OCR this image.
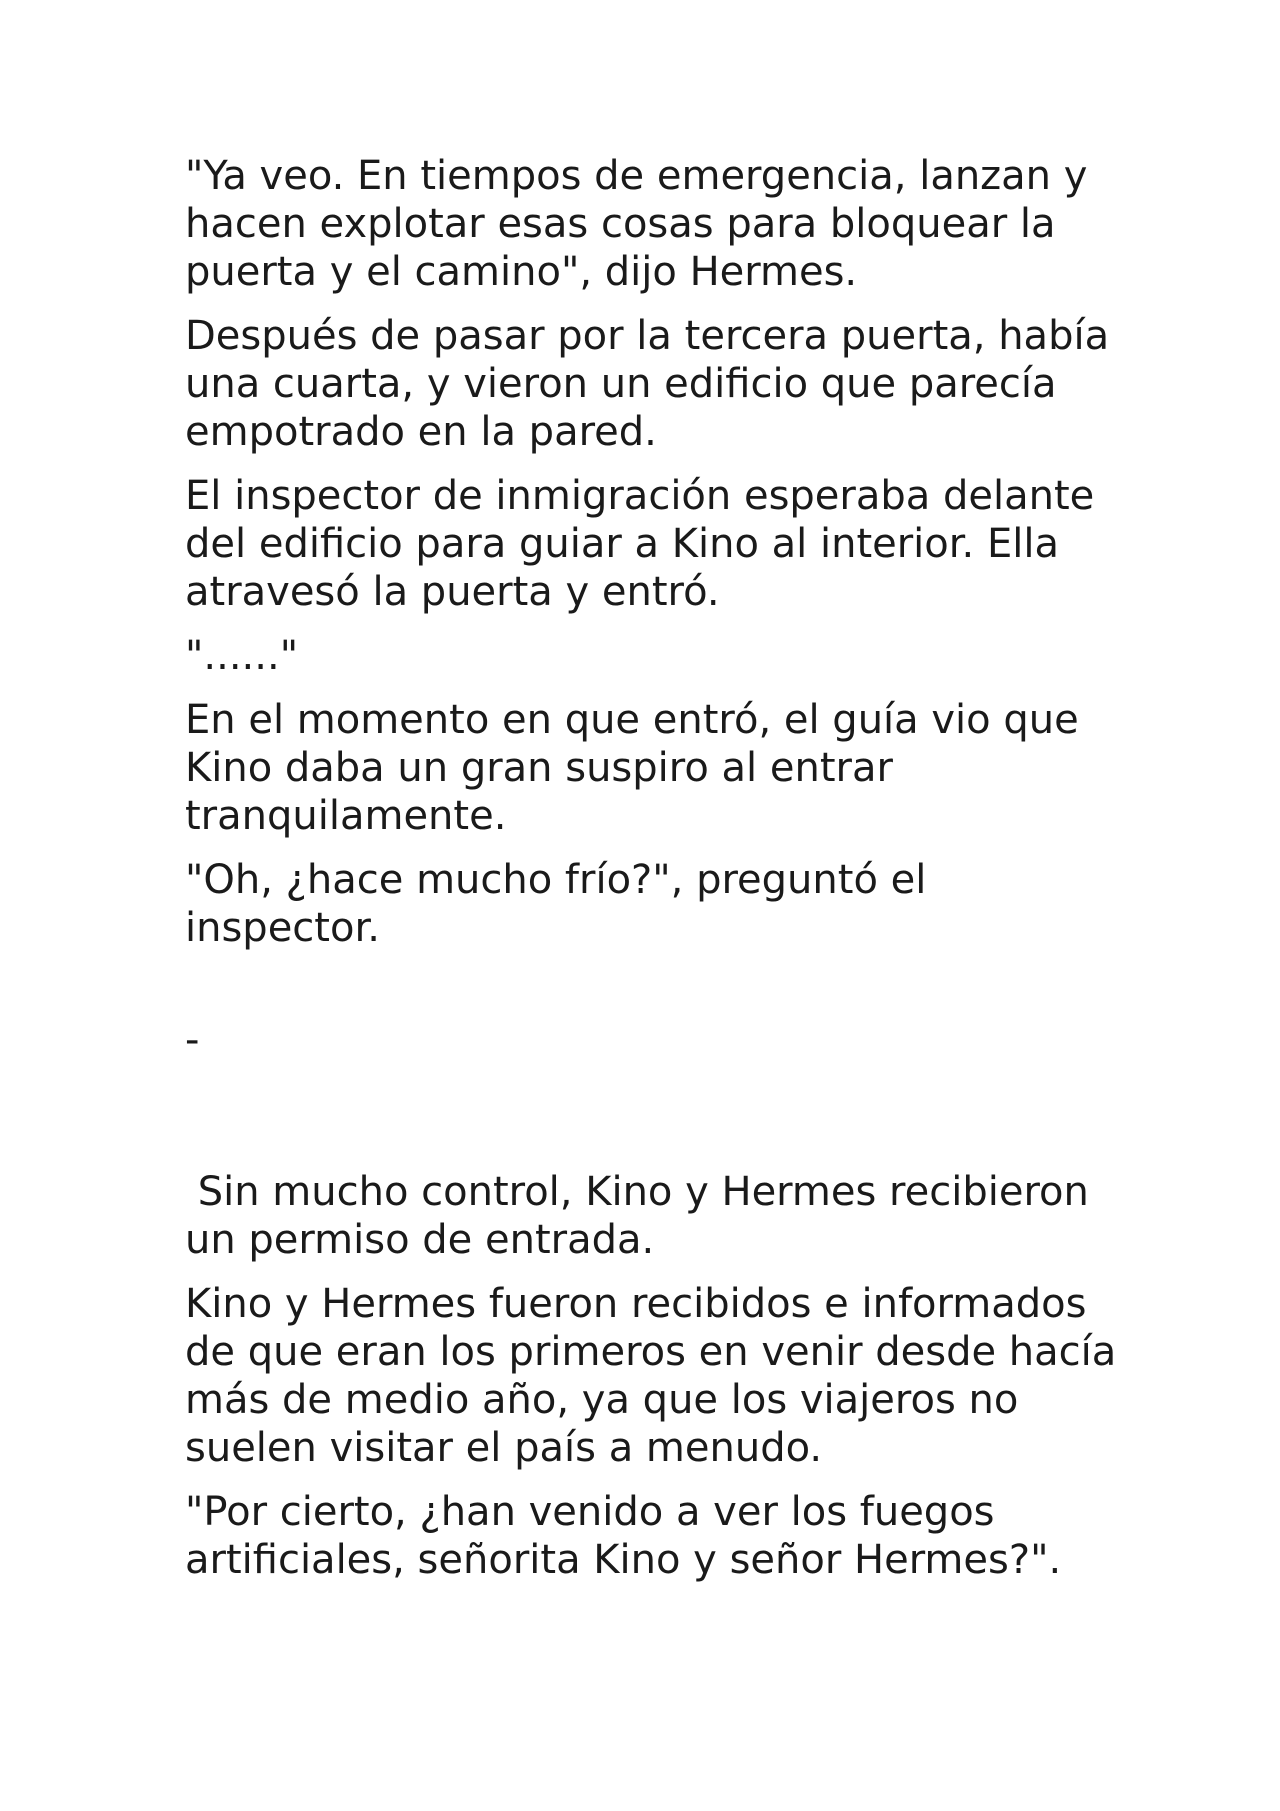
"Ya veo. En tiempos de emergencia, lanzan y hacen explotar esas cosas para bloquear la puerta y el camino", dijo Hermes.

Después de pasar por la tercera puerta, había una cuarta, y vieron un edificio que parecía empotrado en la pared.

El inspector de inmigración esperaba delante del edificio para guiar a Kino al interior. Ella atravesó la puerta y entró.

"......"

En el momento en que entró, el guía vio que Kino daba un gran suspiro al entrar tranquilamente.

"Oh, ¿hace mucho frío?", preguntó el inspector.

-

Sin mucho control, Kino y Hermes recibieron un permiso de entrada.

Kino y Hermes fueron recibidos e informados de que eran los primeros en venir desde hacía más de medio año, ya que los viajeros no suelen visitar el país a menudo.

"Por cierto, ¿han venido a ver los fuegos artificiales, señorita Kino y señor Hermes?".
